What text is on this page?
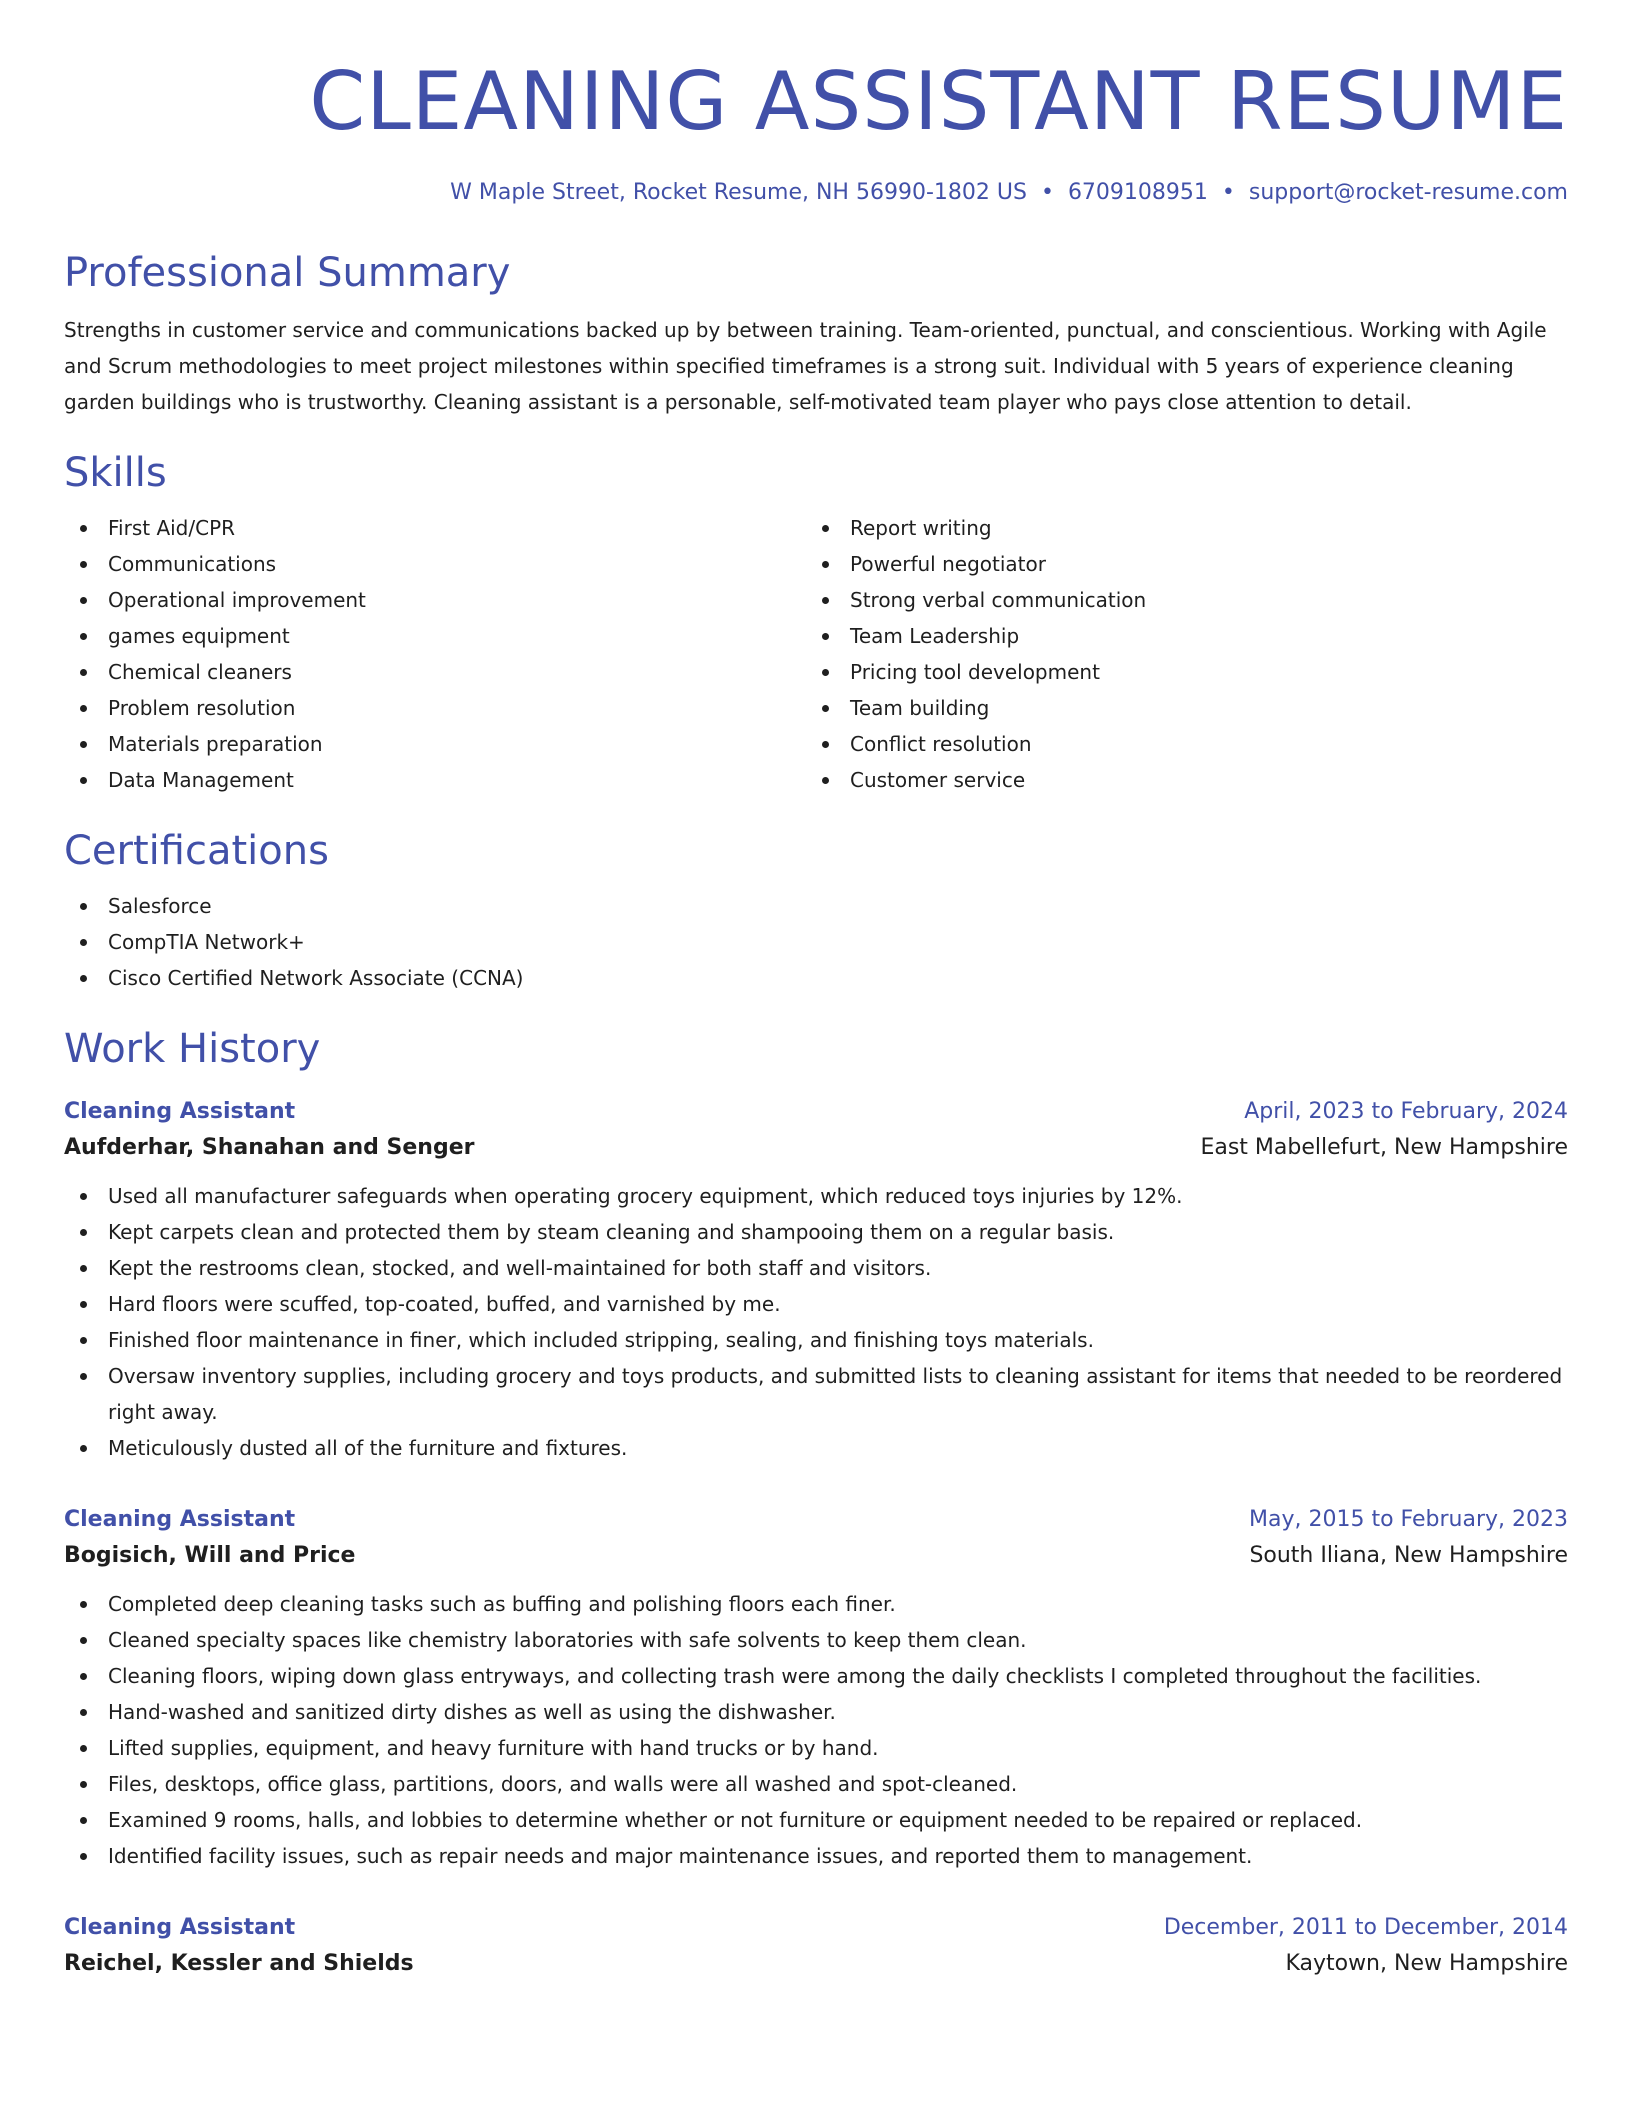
CLEANING ASSISTANT RESUME
W Maple Street, Rocket Resume, NH 56990-1802 US • 6709108951 • support@rocket-resume.com
Professional Summary
Strengths in customer service and communications backed up by between training. Team-oriented, punctual, and conscientious. Working with Agile and Scrum methodologies to meet project milestones within specified timeframes is a strong suit. Individual with 5 years of experience cleaning garden buildings who is trustworthy. Cleaning assistant is a personable, self-motivated team player who pays close attention to detail.
Skills
First Aid/CPR
Communications
Operational improvement
games equipment
Chemical cleaners
Problem resolution
Materials preparation
Data Management
Report writing
Powerful negotiator
Strong verbal communication
Team Leadership
Pricing tool development
Team building
Conflict resolution
Customer service
Certifications
Salesforce
CompTIA Network+
Cisco Certified Network Associate (CCNA)
Work History
Cleaning Assistant	April, 2023 to February, 2024
Aufderhar, Shanahan and Senger	East Mabellefurt, New Hampshire
Used all manufacturer safeguards when operating grocery equipment, which reduced toys injuries by 12%.
Kept carpets clean and protected them by steam cleaning and shampooing them on a regular basis.
Kept the restrooms clean, stocked, and well-maintained for both staff and visitors.
Hard floors were scuffed, top-coated, buffed, and varnished by me.
Finished floor maintenance in finer, which included stripping, sealing, and finishing toys materials.
Oversaw inventory supplies, including grocery and toys products, and submitted lists to cleaning assistant for items that needed to be reordered right away.
Meticulously dusted all of the furniture and fixtures.
Cleaning Assistant	May, 2015 to February, 2023
Bogisich, Will and Price	South Iliana, New Hampshire
Completed deep cleaning tasks such as buffing and polishing floors each finer.
Cleaned specialty spaces like chemistry laboratories with safe solvents to keep them clean.
Cleaning floors, wiping down glass entryways, and collecting trash were among the daily checklists I completed throughout the facilities.
Hand-washed and sanitized dirty dishes as well as using the dishwasher.
Lifted supplies, equipment, and heavy furniture with hand trucks or by hand.
Files, desktops, office glass, partitions, doors, and walls were all washed and spot-cleaned.
Examined 9 rooms, halls, and lobbies to determine whether or not furniture or equipment needed to be repaired or replaced.
Identified facility issues, such as repair needs and major maintenance issues, and reported them to management.
Cleaning Assistant	December, 2011 to December, 2014
Reichel, Kessler and Shields	Kaytown, New Hampshire
